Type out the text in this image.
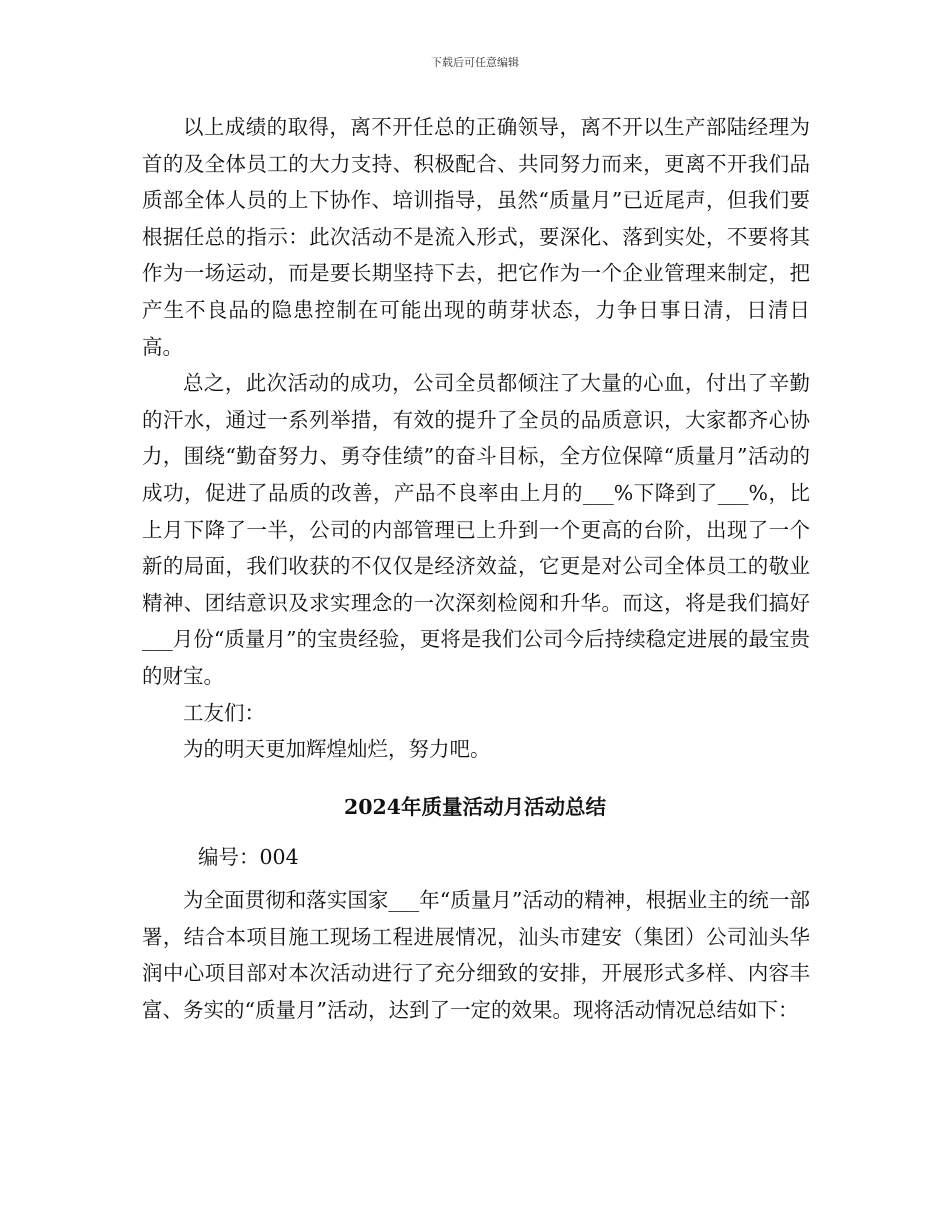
下载后可任意编辑

以上成绩的取得，离不开任总的正确领导，离不开以生产部陆经理为首的及全体员工的大力支持、积极配合、共同努力而来，更离不开我们品质部全体人员的上下协作、培训指导，虽然“质量月”已近尾声，但我们要根据任总的指示：此次活动不是流入形式，要深化、落到实处，不要将其作为一场运动，而是要长期坚持下去，把它作为一个企业管理来制定，把产生不良品的隐患控制在可能出现的萌芽状态，力争日事日清，日清日高。

总之，此次活动的成功，公司全员都倾注了大量的心血，付出了辛勤的汗水，通过一系列举措，有效的提升了全员的品质意识，大家都齐心协力，围绕“勤奋努力、勇夺佳绩”的奋斗目标，全方位保障“质量月”活动的成功，促进了品质的改善，产品不良率由上月的___%下降到了___%，比上月下降了一半，公司的内部管理已上升到一个更高的台阶，出现了一个新的局面，我们收获的不仅仅是经济效益，它更是对公司全体员工的敬业精神、团结意识及求实理念的一次深刻检阅和升华。而这，将是我们搞好___月份“质量月”的宝贵经验，更将是我们公司今后持续稳定进展的最宝贵的财宝。

工友们：

为的明天更加辉煌灿烂，努力吧。

2024年质量活动月活动总结
编号：004

为全面贯彻和落实国家___年“质量月”活动的精神，根据业主的统一部署，结合本项目施工现场工程进展情况，汕头市建安（集团）公司汕头华润中心项目部对本次活动进行了充分细致的安排，开展形式多样、内容丰富、务实的“质量月”活动，达到了一定的效果。现将活动情况总结如下：
